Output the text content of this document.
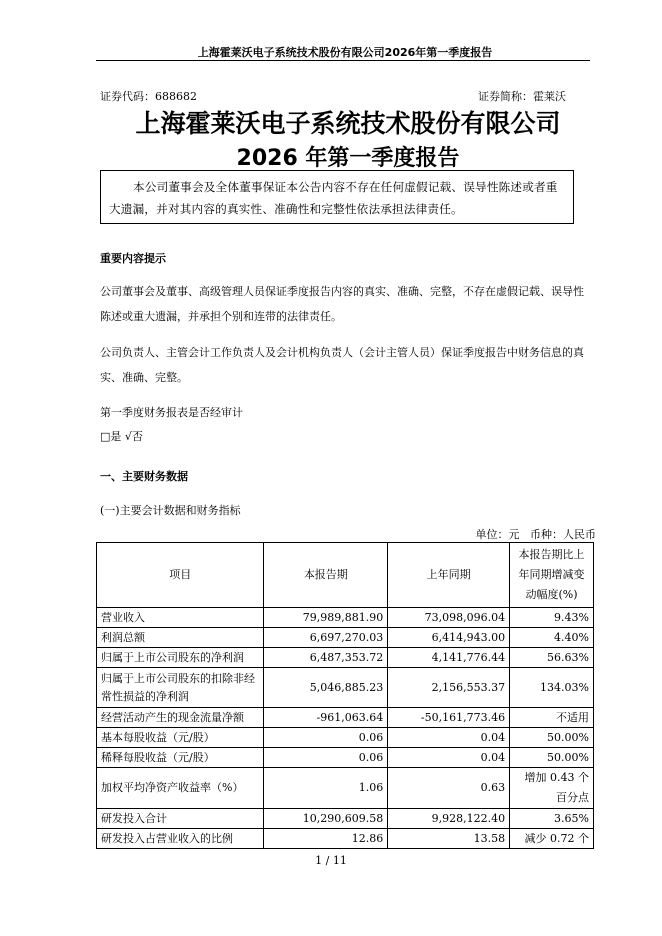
上海霍莱沃电子系统技术股份有限公司2026年第一季度报告
证券代码：688682	证券简称：霍莱沃
上海霍莱沃电子系统技术股份有限公司
2026 年第一季度报告
本公司董事会及全体董事保证本公告内容不存在任何虚假记载、误导性陈述或者重大遗漏，并对其内容的真实性、准确性和完整性依法承担法律责任。
重要内容提示
公司董事会及董事、高级管理人员保证季度报告内容的真实、准确、完整，不存在虚假记载、误导性陈述或重大遗漏，并承担个别和连带的法律责任。
公司负责人、主管会计工作负责人及会计机构负责人（会计主管人员）保证季度报告中财务信息的真实、准确、完整。
第一季度财务报表是否经审计
□是 √否
一、主要财务数据
(一)主要会计数据和财务指标
单位：元   币种：人民币
项目	本报告期	上年同期	本报告期比上年同期增减变动幅度(%)
营业收入	79,989,881.90	73,098,096.04	9.43%
利润总额	6,697,270.03	6,414,943.00	4.40%
归属于上市公司股东的净利润	6,487,353.72	4,141,776.44	56.63%
归属于上市公司股东的扣除非经常性损益的净利润	5,046,885.23	2,156,553.37	134.03%
经营活动产生的现金流量净额	-961,063.64	-50,161,773.46	不适用
基本每股收益（元/股）	0.06	0.04	50.00%
稀释每股收益（元/股）	0.06	0.04	50.00%
加权平均净资产收益率（%）	1.06	0.63	增加 0.43 个百分点
研发投入合计	10,290,609.58	9,928,122.40	3.65%
研发投入占营业收入的比例	12.86	13.58	减少 0.72 个
1 / 11
